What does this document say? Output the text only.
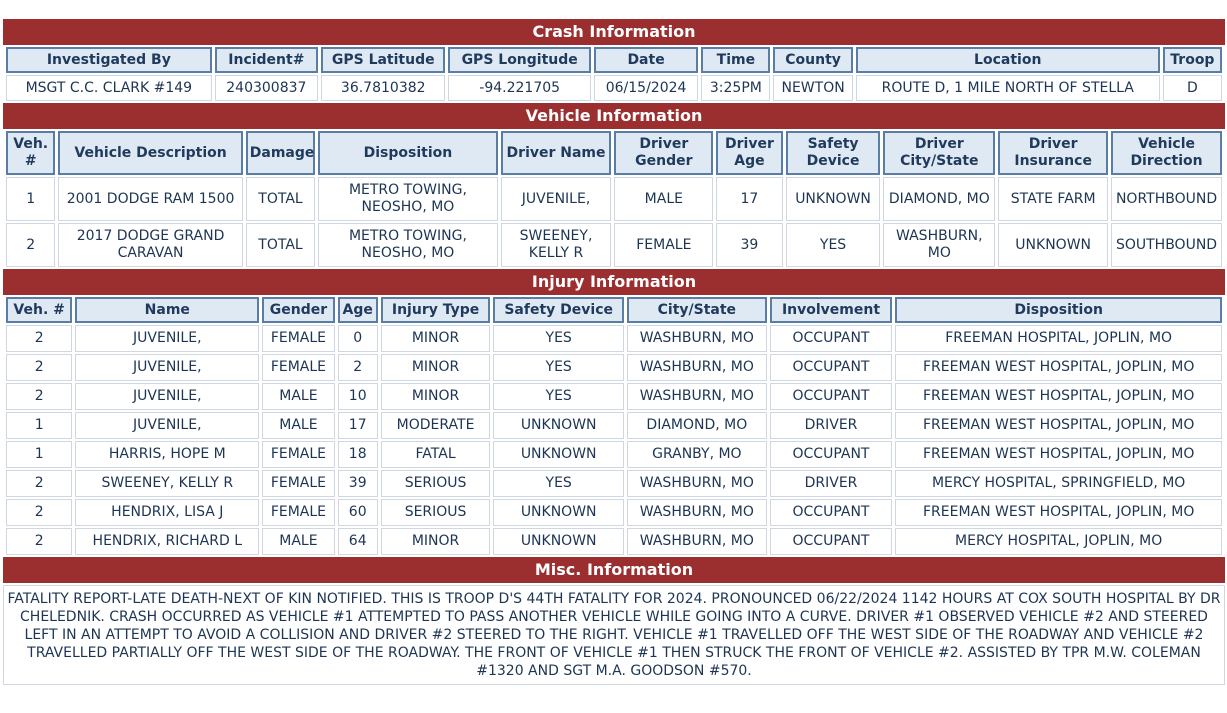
Crash Information
Investigated By	Incident#	GPS Latitude	GPS Longitude	Date	Time	County	Location	Troop
MSGT C.C. CLARK #149	240300837	36.7810382	-94.221705	06/15/2024	3:25PM	NEWTON	ROUTE D, 1 MILE NORTH OF STELLA	D
Vehicle Information
Veh. #	Vehicle Description	Damage	Disposition	Driver Name	Driver Gender	Driver Age	Safety Device	Driver City/State	Driver Insurance	Vehicle Direction
1	2001 DODGE RAM 1500	TOTAL	METRO TOWING, NEOSHO, MO	JUVENILE,	MALE	17	UNKNOWN	DIAMOND, MO	STATE FARM	NORTHBOUND
2	2017 DODGE GRAND CARAVAN	TOTAL	METRO TOWING, NEOSHO, MO	SWEENEY, KELLY R	FEMALE	39	YES	WASHBURN, MO	UNKNOWN	SOUTHBOUND
Injury Information
Veh. #	Name	Gender	Age	Injury Type	Safety Device	City/State	Involvement	Disposition
2	JUVENILE,	FEMALE	0	MINOR	YES	WASHBURN, MO	OCCUPANT	FREEMAN HOSPITAL, JOPLIN, MO
2	JUVENILE,	FEMALE	2	MINOR	YES	WASHBURN, MO	OCCUPANT	FREEMAN WEST HOSPITAL, JOPLIN, MO
2	JUVENILE,	MALE	10	MINOR	YES	WASHBURN, MO	OCCUPANT	FREEMAN WEST HOSPITAL, JOPLIN, MO
1	JUVENILE,	MALE	17	MODERATE	UNKNOWN	DIAMOND, MO	DRIVER	FREEMAN WEST HOSPITAL, JOPLIN, MO
1	HARRIS, HOPE M	FEMALE	18	FATAL	UNKNOWN	GRANBY, MO	OCCUPANT	FREEMAN WEST HOSPITAL, JOPLIN, MO
2	SWEENEY, KELLY R	FEMALE	39	SERIOUS	YES	WASHBURN, MO	DRIVER	MERCY HOSPITAL, SPRINGFIELD, MO
2	HENDRIX, LISA J	FEMALE	60	SERIOUS	UNKNOWN	WASHBURN, MO	OCCUPANT	FREEMAN WEST HOSPITAL, JOPLIN, MO
2	HENDRIX, RICHARD L	MALE	64	MINOR	UNKNOWN	WASHBURN, MO	OCCUPANT	MERCY HOSPITAL, JOPLIN, MO
Misc. Information
FATALITY REPORT-LATE DEATH-NEXT OF KIN NOTIFIED. THIS IS TROOP D'S 44TH FATALITY FOR 2024. PRONOUNCED 06/22/2024 1142 HOURS AT COX SOUTH HOSPITAL BY DR CHELEDNIK. CRASH OCCURRED AS VEHICLE #1 ATTEMPTED TO PASS ANOTHER VEHICLE WHILE GOING INTO A CURVE. DRIVER #1 OBSERVED VEHICLE #2 AND STEERED LEFT IN AN ATTEMPT TO AVOID A COLLISION AND DRIVER #2 STEERED TO THE RIGHT. VEHICLE #1 TRAVELLED OFF THE WEST SIDE OF THE ROADWAY AND VEHICLE #2 TRAVELLED PARTIALLY OFF THE WEST SIDE OF THE ROADWAY. THE FRONT OF VEHICLE #1 THEN STRUCK THE FRONT OF VEHICLE #2. ASSISTED BY TPR M.W. COLEMAN #1320 AND SGT M.A. GOODSON #570.
